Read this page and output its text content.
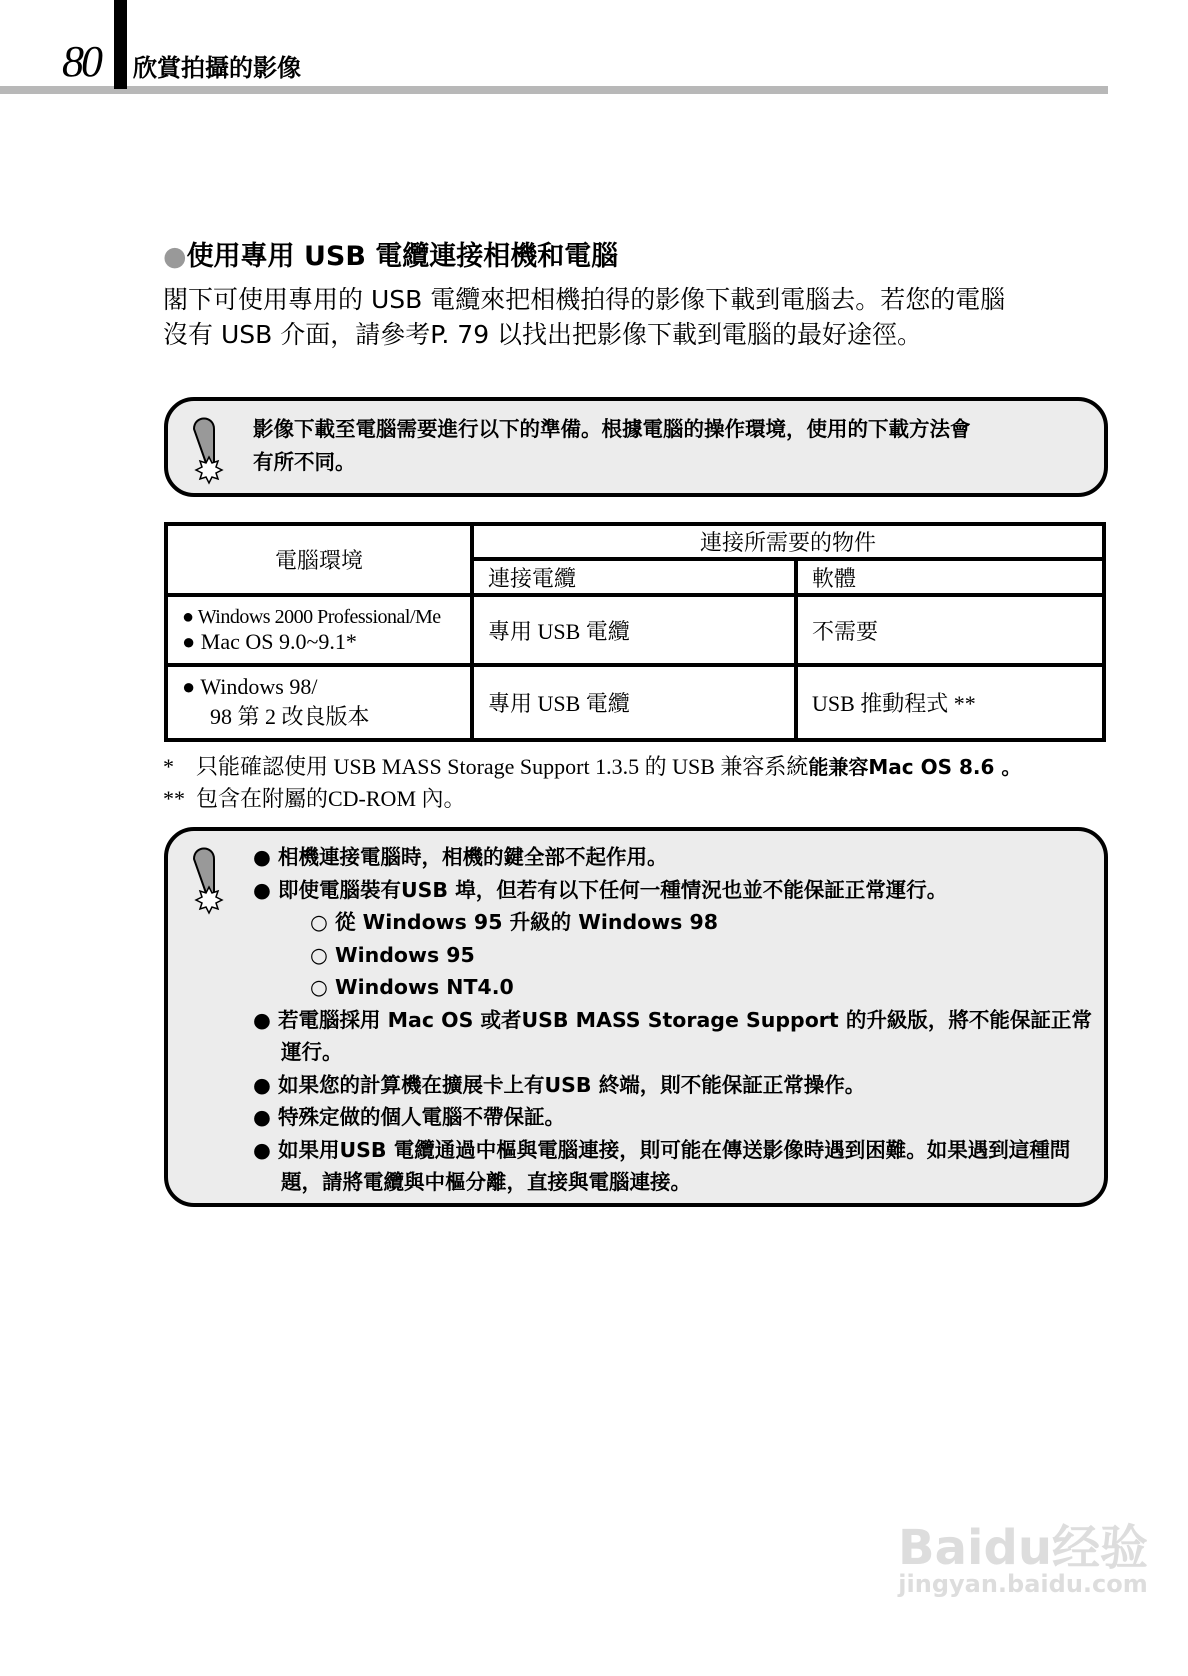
80 欣賞拍攝的影像
●使用專用 USB 電纜連接相機和電腦
閣下可使用專用的 USB 電纜來把相機拍得的影像下載到電腦去。若您的電腦
沒有 USB 介面，請參考P. 79 以找出把影像下載到電腦的最好途徑。
影像下載至電腦需要進行以下的準備。根據電腦的操作環境，使用的下載方法會
有所不同。
電腦環境	連接所需要的物件	
	連接電纜	軟體

● Windows 2000 Professional/Me
● Mac OS 9.0~9.1*	專用 USB 電纜	不需要

● Windows 98/
98 第 2 改良版本	專用 USB 電纜	USB 推動程式 **
* 只能確認使用 USB MASS Storage Support 1.3.5 的 USB 兼容系統能兼容Mac OS 8.6 。
** 包含在附屬的CD-ROM 內。
● 相機連接電腦時，相機的鍵全部不起作用。
● 即使電腦裝有USB 埠，但若有以下任何一種情況也並不能保証正常運行。
○ 從 Windows 95 升級的 Windows 98
○ Windows 95
○ Windows NT4.0
● 若電腦採用 Mac OS 或者USB MASS Storage Support 的升級版，將不能保証正常運行。
● 如果您的計算機在擴展卡上有USB 終端，則不能保証正常操作。
● 特殊定做的個人電腦不帶保証。
● 如果用USB 電纜通過中樞與電腦連接，則可能在傳送影像時遇到困難。如果遇到這種問題，請將電纜與中樞分離，直接與電腦連接。
Baidu经验
jingyan.baidu.com
